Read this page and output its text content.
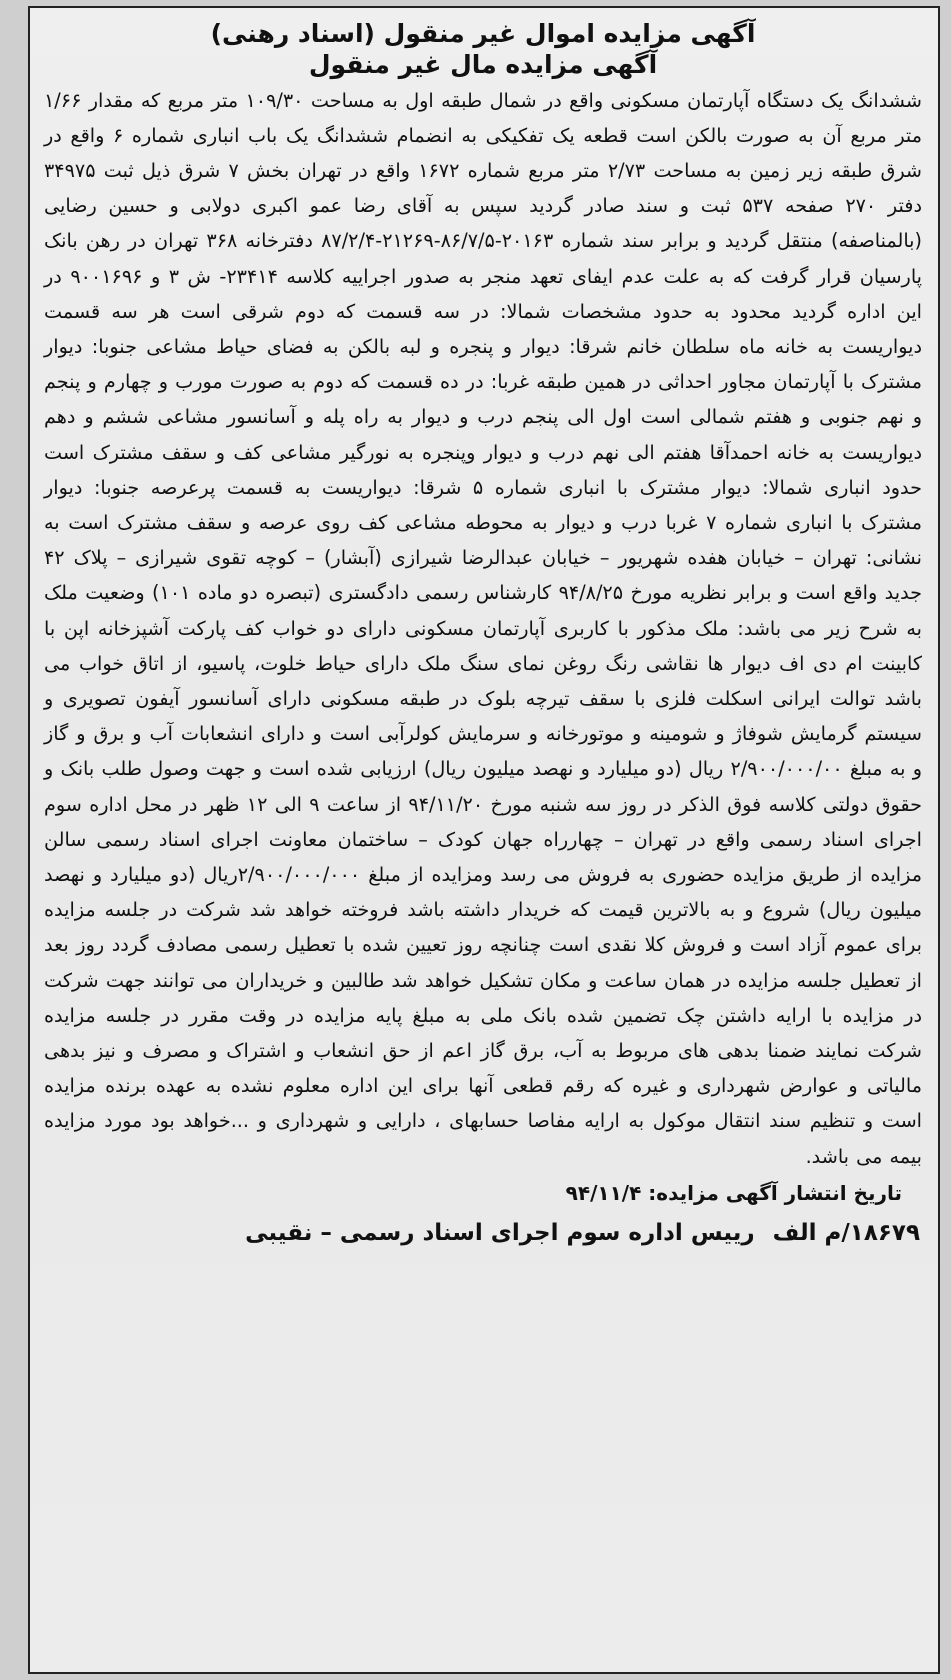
آگهی مزایده اموال غیر منقول (اسناد رهنی)
آگهی مزایده مال غیر منقول

ششدانگ یک دستگاه آپارتمان مسکونی واقع در شمال طبقه اول به مساحت ۱۰۹/۳۰ متر مربع که مقدار ۱/۶۶ متر مربع آن به صورت بالکن است قطعه یک تفکیکی به انضمام ششدانگ یک باب انباری شماره ۶ واقع در شرق طبقه زیر زمین به مساحت ۲/۷۳ متر مربع شماره ۱۶۷۲ واقع در تهران بخش ۷ شرق ذیل ثبت ۳۴۹۷۵ دفتر ۲۷۰ صفحه ۵۳۷ ثبت و سند صادر گردید سپس به آقای رضا عمو اکبری دولابی و حسین رضایی (بالمناصفه) منتقل گردید و برابر سند شماره ۲۰۱۶۳-۸۶/۷/۵-۲۱۲۶۹-۸۷/۲/۴ دفترخانه ۳۶۸ تهران در رهن بانک پارسیان قرار گرفت که به علت عدم ایفای تعهد منجر به صدور اجراییه کلاسه ۲۳۴۱۴- ش ۳ و ۹۰۰۱۶۹۶ در این اداره گردید محدود به حدود مشخصات شمالا: در سه قسمت که دوم شرقی است هر سه قسمت دیواریست به خانه ماه سلطان خانم شرقا: دیوار و پنجره و لبه بالکن به فضای حیاط مشاعی جنوبا: دیوار مشترک با آپارتمان مجاور احداثی در همین طبقه غربا: در ده قسمت که دوم به صورت مورب و چهارم و پنجم و نهم جنوبی و هفتم شمالی است اول الی پنجم درب و دیوار به راه پله و آسانسور مشاعی ششم و دهم دیواریست به خانه احمدآقا هفتم الی نهم درب و دیوار وپنجره به نورگیر مشاعی کف و سقف مشترک است حدود انباری شمالا: دیوار مشترک با انباری شماره ۵ شرقا: دیواریست به قسمت پرعرصه جنوبا: دیوار مشترک با انباری شماره ۷ غربا درب و دیوار به محوطه مشاعی کف روی عرصه و سقف مشترک است به نشانی: تهران – خیابان هفده شهریور – خیابان عبدالرضا شیرازی (آبشار) – کوچه تقوی شیرازی – پلاک ۴۲ جدید واقع است و برابر نظریه مورخ ۹۴/۸/۲۵ کارشناس رسمی دادگستری (تبصره دو ماده ۱۰۱) وضعیت ملک به شرح زیر می باشد: ملک مذکور با کاربری آپارتمان مسکونی دارای دو خواب کف پارکت آشپزخانه اپن با کابینت ام دی اف دیوار ها نقاشی رنگ روغن نمای سنگ ملک دارای حیاط خلوت، پاسیو، از اتاق خواب می باشد توالت ایرانی اسکلت فلزی با سقف تیرچه بلوک در طبقه مسکونی دارای آسانسور آیفون تصویری و سیستم گرمایش شوفاژ و شومینه و موتورخانه و سرمایش کولرآبی است و دارای انشعابات آب و برق و گاز و به مبلغ ۲/۹۰۰/۰۰۰/۰۰ ریال (دو میلیارد و نهصد میلیون ریال) ارزیابی شده است و جهت وصول طلب بانک و حقوق دولتی کلاسه فوق الذکر در روز سه شنبه مورخ ۹۴/۱۱/۲۰ از ساعت ۹ الی ۱۲ ظهر در محل اداره سوم اجرای اسناد رسمی واقع در تهران – چهارراه جهان کودک – ساختمان معاونت اجرای اسناد رسمی سالن مزایده از طریق مزایده حضوری به فروش می رسد ومزایده از مبلغ ۲/۹۰۰/۰۰۰/۰۰۰ریال (دو میلیارد و نهصد میلیون ریال) شروع و به بالاترین قیمت که خریدار داشته باشد فروخته خواهد شد شرکت در جلسه مزایده برای عموم آزاد است و فروش کلا نقدی است چنانچه روز تعیین شده با تعطیل رسمی مصادف گردد روز بعد از تعطیل جلسه مزایده در همان ساعت و مکان تشکیل خواهد شد طالبین و خریداران می توانند جهت شرکت در مزایده با ارایه داشتن چک تضمین شده بانک ملی به مبلغ پایه مزایده در وقت مقرر در جلسه مزایده شرکت نمایند ضمنا بدهی های مربوط به آب، برق گاز اعم از حق انشعاب و اشتراک و مصرف و نیز بدهی مالیاتی و عوارض شهرداری و غیره که رقم قطعی آنها برای این اداره معلوم نشده به عهده برنده مزایده است و تنظیم سند انتقال موکول به ارایه مفاصا حسابهای ، دارایی و شهرداری و ...خواهد بود مورد مزایده بیمه می باشد.

تاریخ انتشار آگهی مزایده: ۹۴/۱۱/۴
۱۸۶۷۹/م الف
رییس اداره سوم اجرای اسناد رسمی – نقیبی
